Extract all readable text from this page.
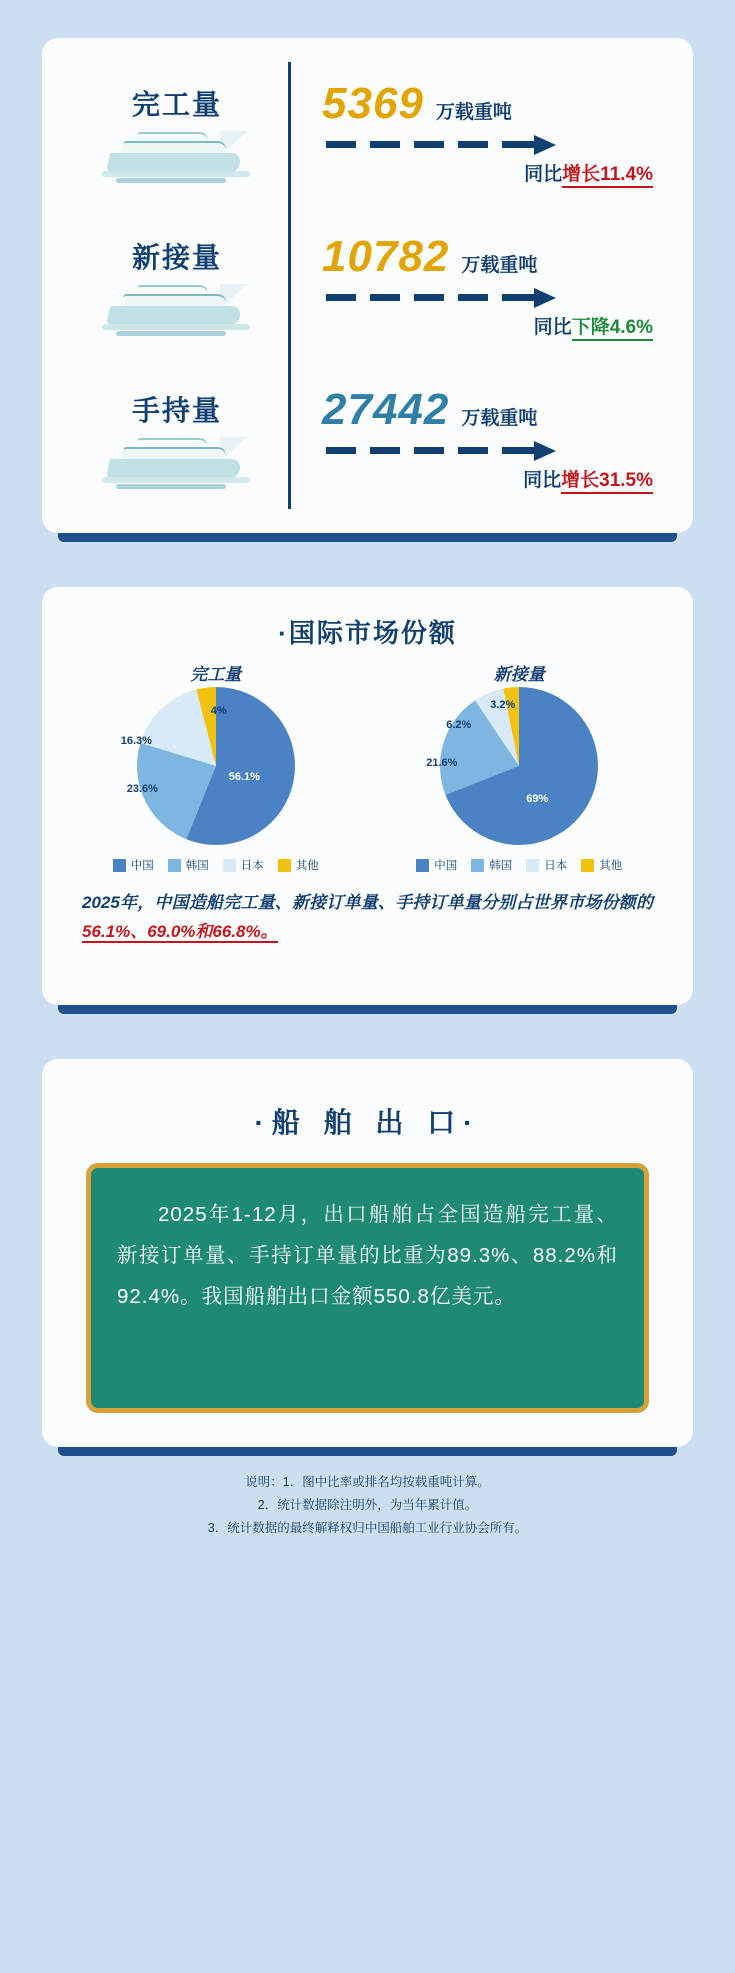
完工量	5369 万载重吨
同比增长11.4%
新接量	10782 万载重吨
同比下降4.6%
手持量	27442 万载重吨
同比增长31.5%
·国际市场份额
完工量
56.1%
23.6%
16.3%
4%
中国	韩国	日本	其他
新接量
69%
21.6%
6.2%
3.2%
中国	韩国	日本	其他
2025年，中国造船完工量、新接订单量、手持订单量分别占世界市场份额的 56.1%、69.0%和66.8%。
·船 舶 出 口·
2025年1-12月，出口船舶占全国造船完工量、新接订单量、手持订单量的比重为89.3%、88.2%和92.4%。我国船舶出口金额550.8亿美元。
说明：1．图中比率或排名均按载重吨计算。
2．统计数据除注明外，为当年累计值。
3．统计数据的最终解释权归中国船舶工业行业协会所有。
